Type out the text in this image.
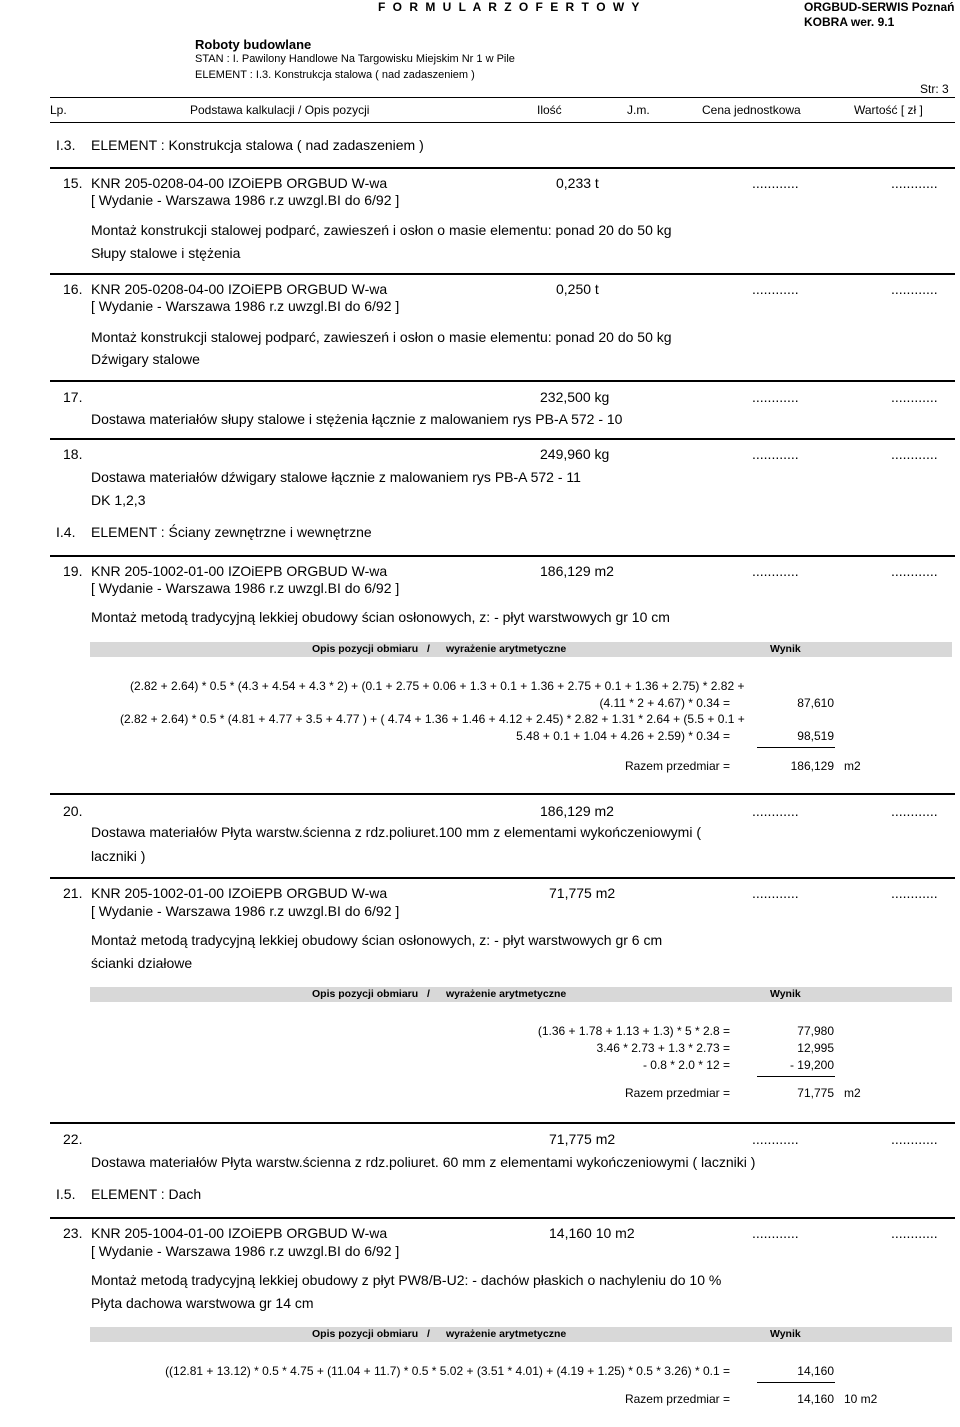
F O R M U L A R Z O F E R T O W Y	ORGBUD-SERWIS Poznań
KOBRA wer. 9.1
Roboty budowlane
STAN : I. Pawilony Handlowe Na Targowisku Miejskim Nr 1 w Pile
ELEMENT : I.3. Konstrukcja stalowa ( nad zadaszeniem )
Str: 3
Lp.	Podstawa kalkulacji / Opis pozycji	Ilość	J.m.	Cena jednostkowa	Wartość [ zł ]
I.3. ELEMENT : Konstrukcja stalowa ( nad zadaszeniem )
15. KNR 205-0208-04-00 IZOiEPB ORGBUD W-wa	0,233 t	............	............
[ Wydanie - Warszawa 1986 r.z uwzgl.BI do 6/92 ]
Montaż konstrukcji stalowej podparć, zawieszeń i osłon o masie elementu: ponad 20 do 50 kg
Słupy stalowe i stężenia
16. KNR 205-0208-04-00 IZOiEPB ORGBUD W-wa	0,250 t	............	............
[ Wydanie - Warszawa 1986 r.z uwzgl.BI do 6/92 ]
Montaż konstrukcji stalowej podparć, zawieszeń i osłon o masie elementu: ponad 20 do 50 kg
Dźwigary stalowe
17.	232,500 kg	............	............
Dostawa materiałów słupy stalowe i stężenia łącznie z malowaniem rys PB-A 572 - 10
18.	249,960 kg	............	............
Dostawa materiałów dźwigary stalowe łącznie z malowaniem rys PB-A 572 - 11
DK 1,2,3
I.4. ELEMENT : Ściany zewnętrzne i wewnętrzne
19. KNR 205-1002-01-00 IZOiEPB ORGBUD W-wa	186,129 m2	............	............
[ Wydanie - Warszawa 1986 r.z uwzgl.BI do 6/92 ]
Montaż metodą tradycyjną lekkiej obudowy ścian osłonowych, z: - płyt warstwowych gr 10 cm
Opis pozycji obmiaru / wyrażenie arytmetyczne	Wynik
(2.82 + 2.64) * 0.5 * (4.3 + 4.54 + 4.3 * 2) + (0.1 + 2.75 + 0.06 + 1.3 + 0.1 + 1.36 + 2.75 + 0.1 + 1.36 + 2.75) * 2.82 +
(4.11 * 2 + 4.67) * 0.34 =	87,610
(2.82 + 2.64) * 0.5 * (4.81 + 4.77 + 3.5 + 4.77 ) + ( 4.74 + 1.36 + 1.46 + 4.12 + 2.45) * 2.82 + 1.31 * 2.64 + (5.5 + 0.1 +
5.48 + 0.1 + 1.04 + 4.26 + 2.59) * 0.34 =	98,519
Razem przedmiar =	186,129 m2
20.	186,129 m2	............	............
Dostawa materiałów Płyta warstw.ścienna z rdz.poliuret.100 mm z elementami wykończeniowymi (
laczniki )
21. KNR 205-1002-01-00 IZOiEPB ORGBUD W-wa	71,775 m2	............	............
[ Wydanie - Warszawa 1986 r.z uwzgl.BI do 6/92 ]
Montaż metodą tradycyjną lekkiej obudowy ścian osłonowych, z: - płyt warstwowych gr 6 cm
ścianki działowe
Opis pozycji obmiaru / wyrażenie arytmetyczne	Wynik
(1.36 + 1.78 + 1.13 + 1.3) * 5 * 2.8 =	77,980
3.46 * 2.73 + 1.3 * 2.73 =	12,995
- 0.8 * 2.0 * 12 =	- 19,200
Razem przedmiar =	71,775 m2
22.	71,775 m2	............	............
Dostawa materiałów Płyta warstw.ścienna z rdz.poliuret. 60 mm z elementami wykończeniowymi ( laczniki )
I.5. ELEMENT : Dach
23. KNR 205-1004-01-00 IZOiEPB ORGBUD W-wa	14,160 10 m2	............	............
[ Wydanie - Warszawa 1986 r.z uwzgl.BI do 6/92 ]
Montaż metodą tradycyjną lekkiej obudowy z płyt PW8/B-U2: - dachów płaskich o nachyleniu do 10 %
Płyta dachowa warstwowa gr 14 cm
Opis pozycji obmiaru / wyrażenie arytmetyczne	Wynik
((12.81 + 13.12) * 0.5 * 4.75 + (11.04 + 11.7) * 0.5 * 5.02 + (3.51 * 4.01) + (4.19 + 1.25) * 0.5 * 3.26) * 0.1 =	14,160
Razem przedmiar =	14,160 10 m2
